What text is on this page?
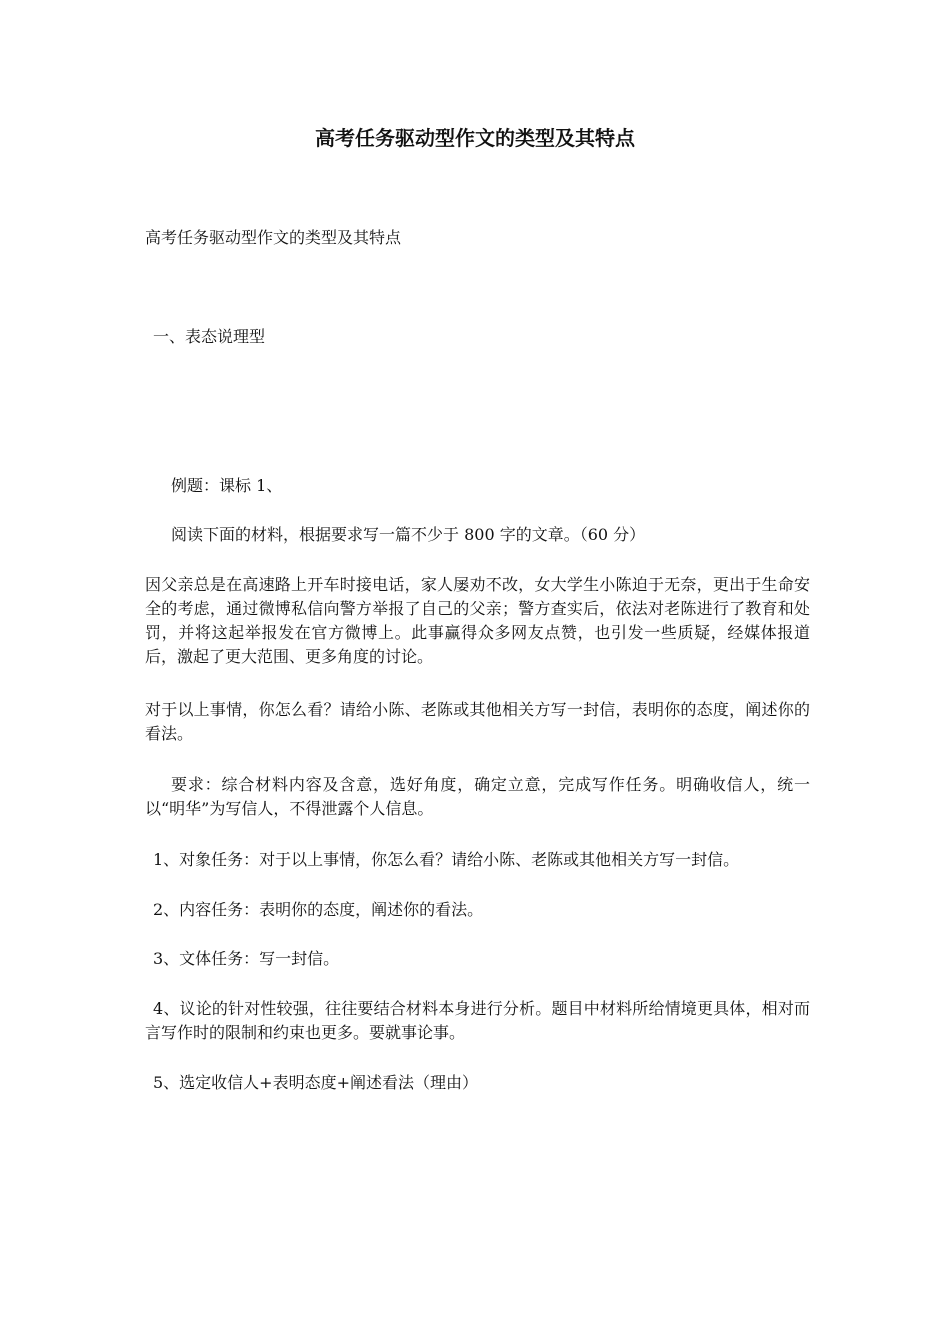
高考任务驱动型作文的类型及其特点

高考任务驱动型作文的类型及其特点

一、表态说理型

例题：课标 1、

阅读下面的材料，根据要求写一篇不少于 800 字的文章。（60 分）

因父亲总是在高速路上开车时接电话，家人屡劝不改，女大学生小陈迫于无奈，更出于生命安全的考虑，通过微博私信向警方举报了自己的父亲；警方查实后，依法对老陈进行了教育和处罚，并将这起举报发在官方微博上。此事赢得众多网友点赞，也引发一些质疑，经媒体报道后，激起了更大范围、更多角度的讨论。

对于以上事情，你怎么看？请给小陈、老陈或其他相关方写一封信，表明你的态度，阐述你的看法。

要求：综合材料内容及含意，选好角度，确定立意，完成写作任务。明确收信人，统一以“明华”为写信人，不得泄露个人信息。

1、对象任务：对于以上事情，你怎么看？请给小陈、老陈或其他相关方写一封信。

2、内容任务：表明你的态度，阐述你的看法。

3、文体任务：写一封信。

4、议论的针对性较强，往往要结合材料本身进行分析。题目中材料所给情境更具体，相对而言写作时的限制和约束也更多。要就事论事。

5、选定收信人+表明态度+阐述看法（理由）
